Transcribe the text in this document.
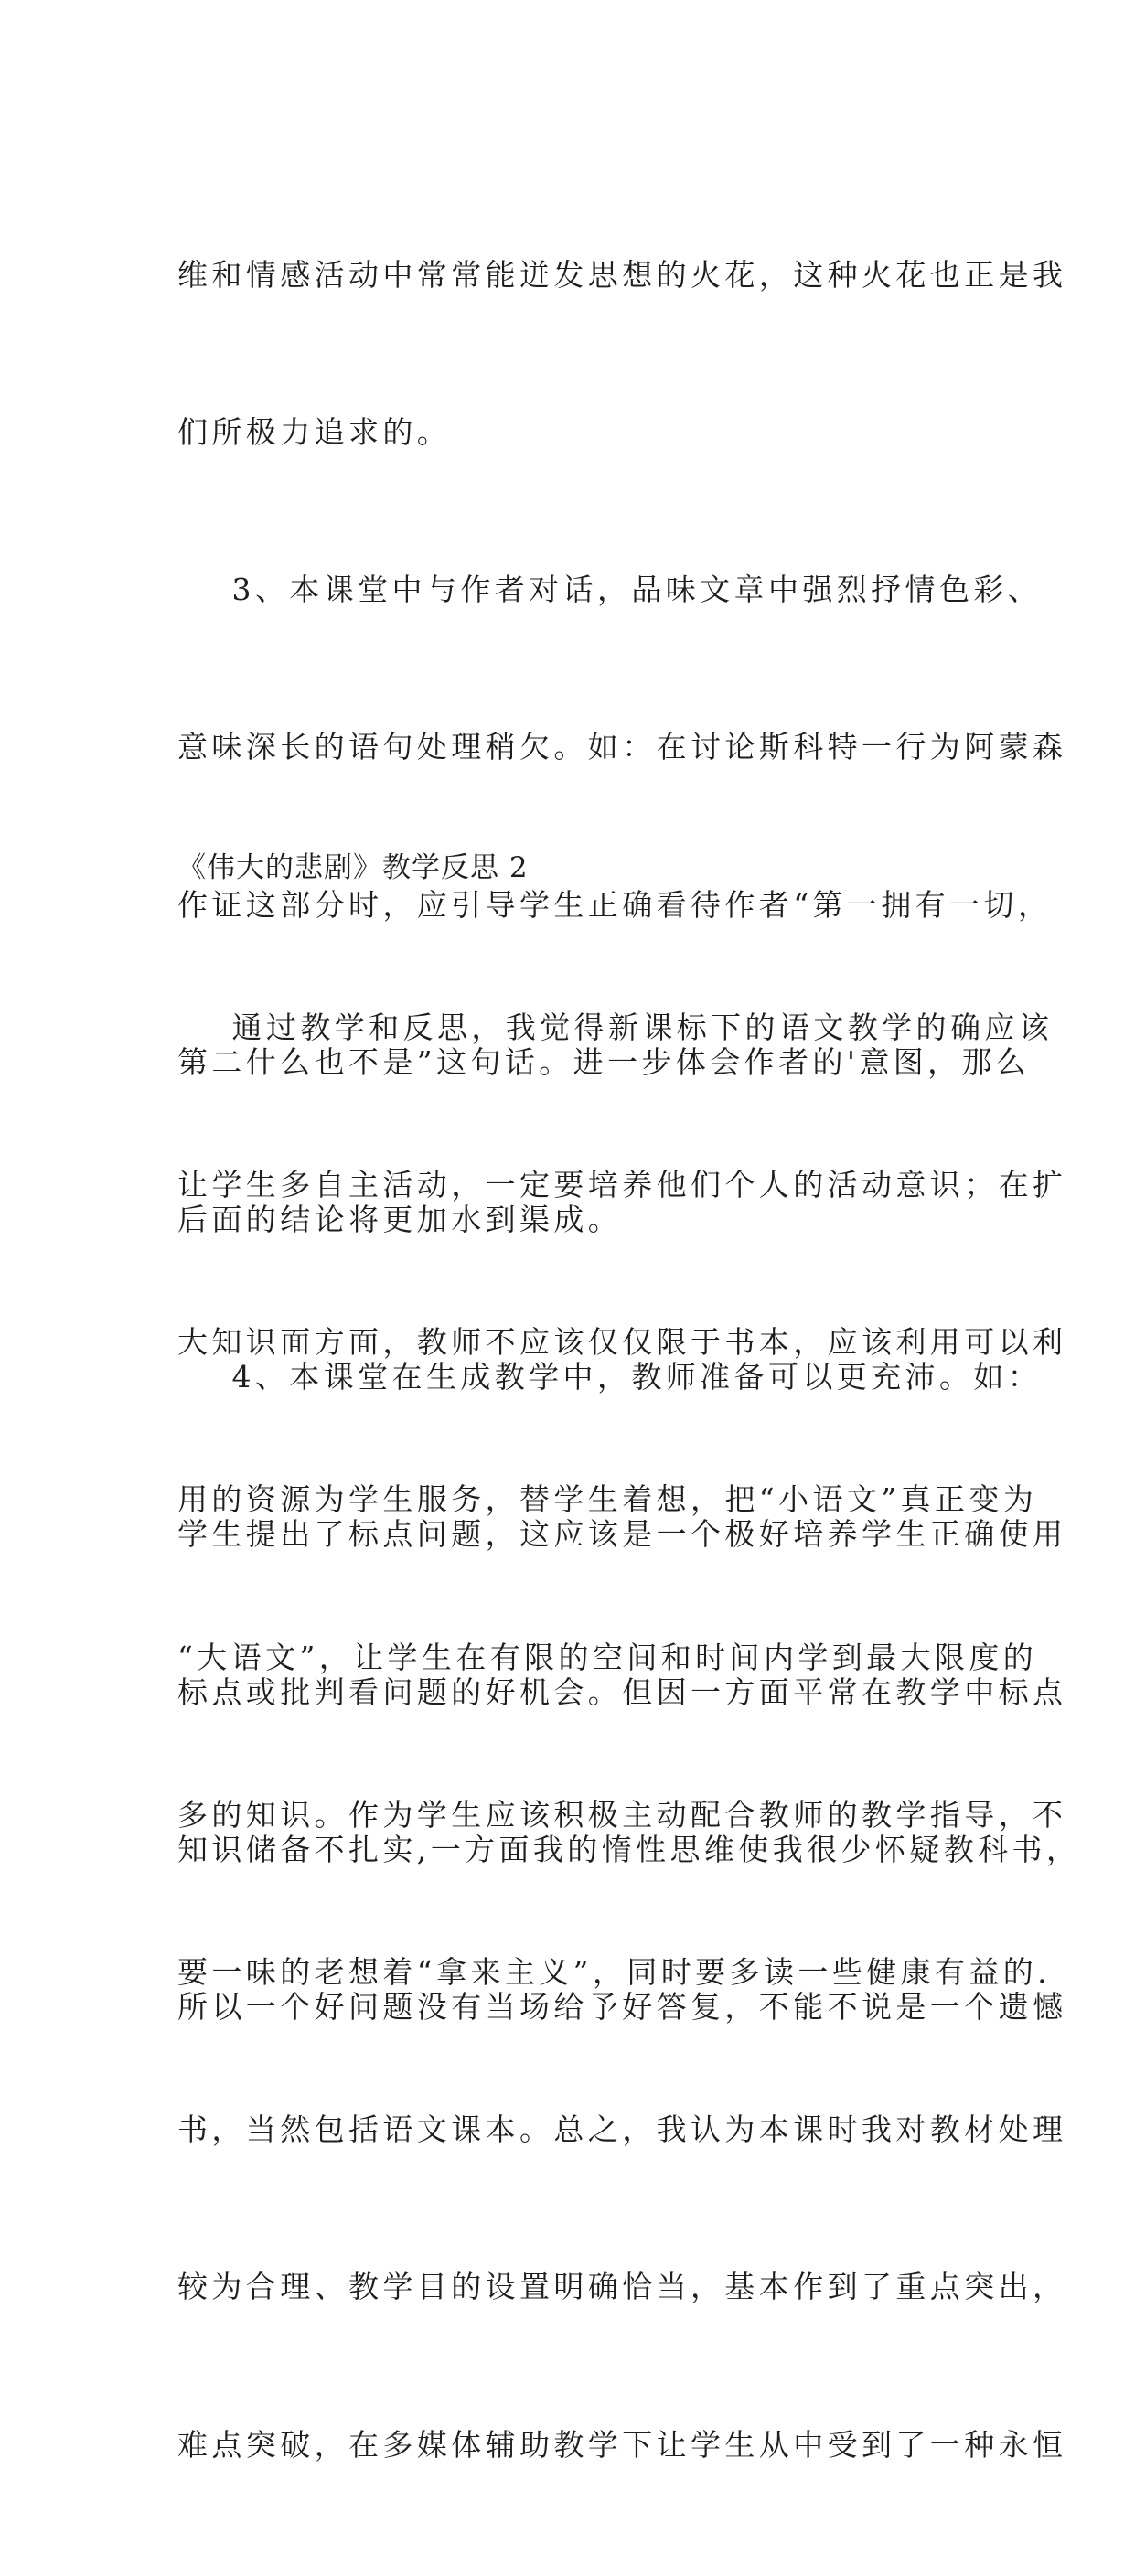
维和情感活动中常常能迸发思想的火花，这种火花也正是我

们所极力追求的。

3、本课堂中与作者对话，品味文章中强烈抒情色彩、

意味深长的语句处理稍欠。如：在讨论斯科特一行为阿蒙森

作证这部分时，应引导学生正确看待作者“第一拥有一切，

第二什么也不是”这句话。进一步体会作者的'意图，那么

后面的结论将更加水到渠成。

4、本课堂在生成教学中，教师准备可以更充沛。如：

学生提出了标点问题，这应该是一个极好培养学生正确使用

标点或批判看问题的好机会。但因一方面平常在教学中标点

知识储备不扎实,一方面我的惰性思维使我很少怀疑教科书，

所以一个好问题没有当场给予好答复，不能不说是一个遗憾

《伟大的悲剧》教学反思 2

通过教学和反思，我觉得新课标下的语文教学的确应该

让学生多自主活动，一定要培养他们个人的活动意识；在扩

大知识面方面，教师不应该仅仅限于书本，应该利用可以利

用的资源为学生服务，替学生着想，把“小语文”真正变为

“大语文”，让学生在有限的空间和时间内学到最大限度的

多的知识。作为学生应该积极主动配合教师的教学指导，不

要一味的老想着“拿来主义”，同时要多读一些健康有益的.

书，当然包括语文课本。总之，我认为本课时我对教材处理

较为合理、教学目的设置明确恰当，基本作到了重点突出，

难点突破，在多媒体辅助教学下让学生从中受到了一种永恒
